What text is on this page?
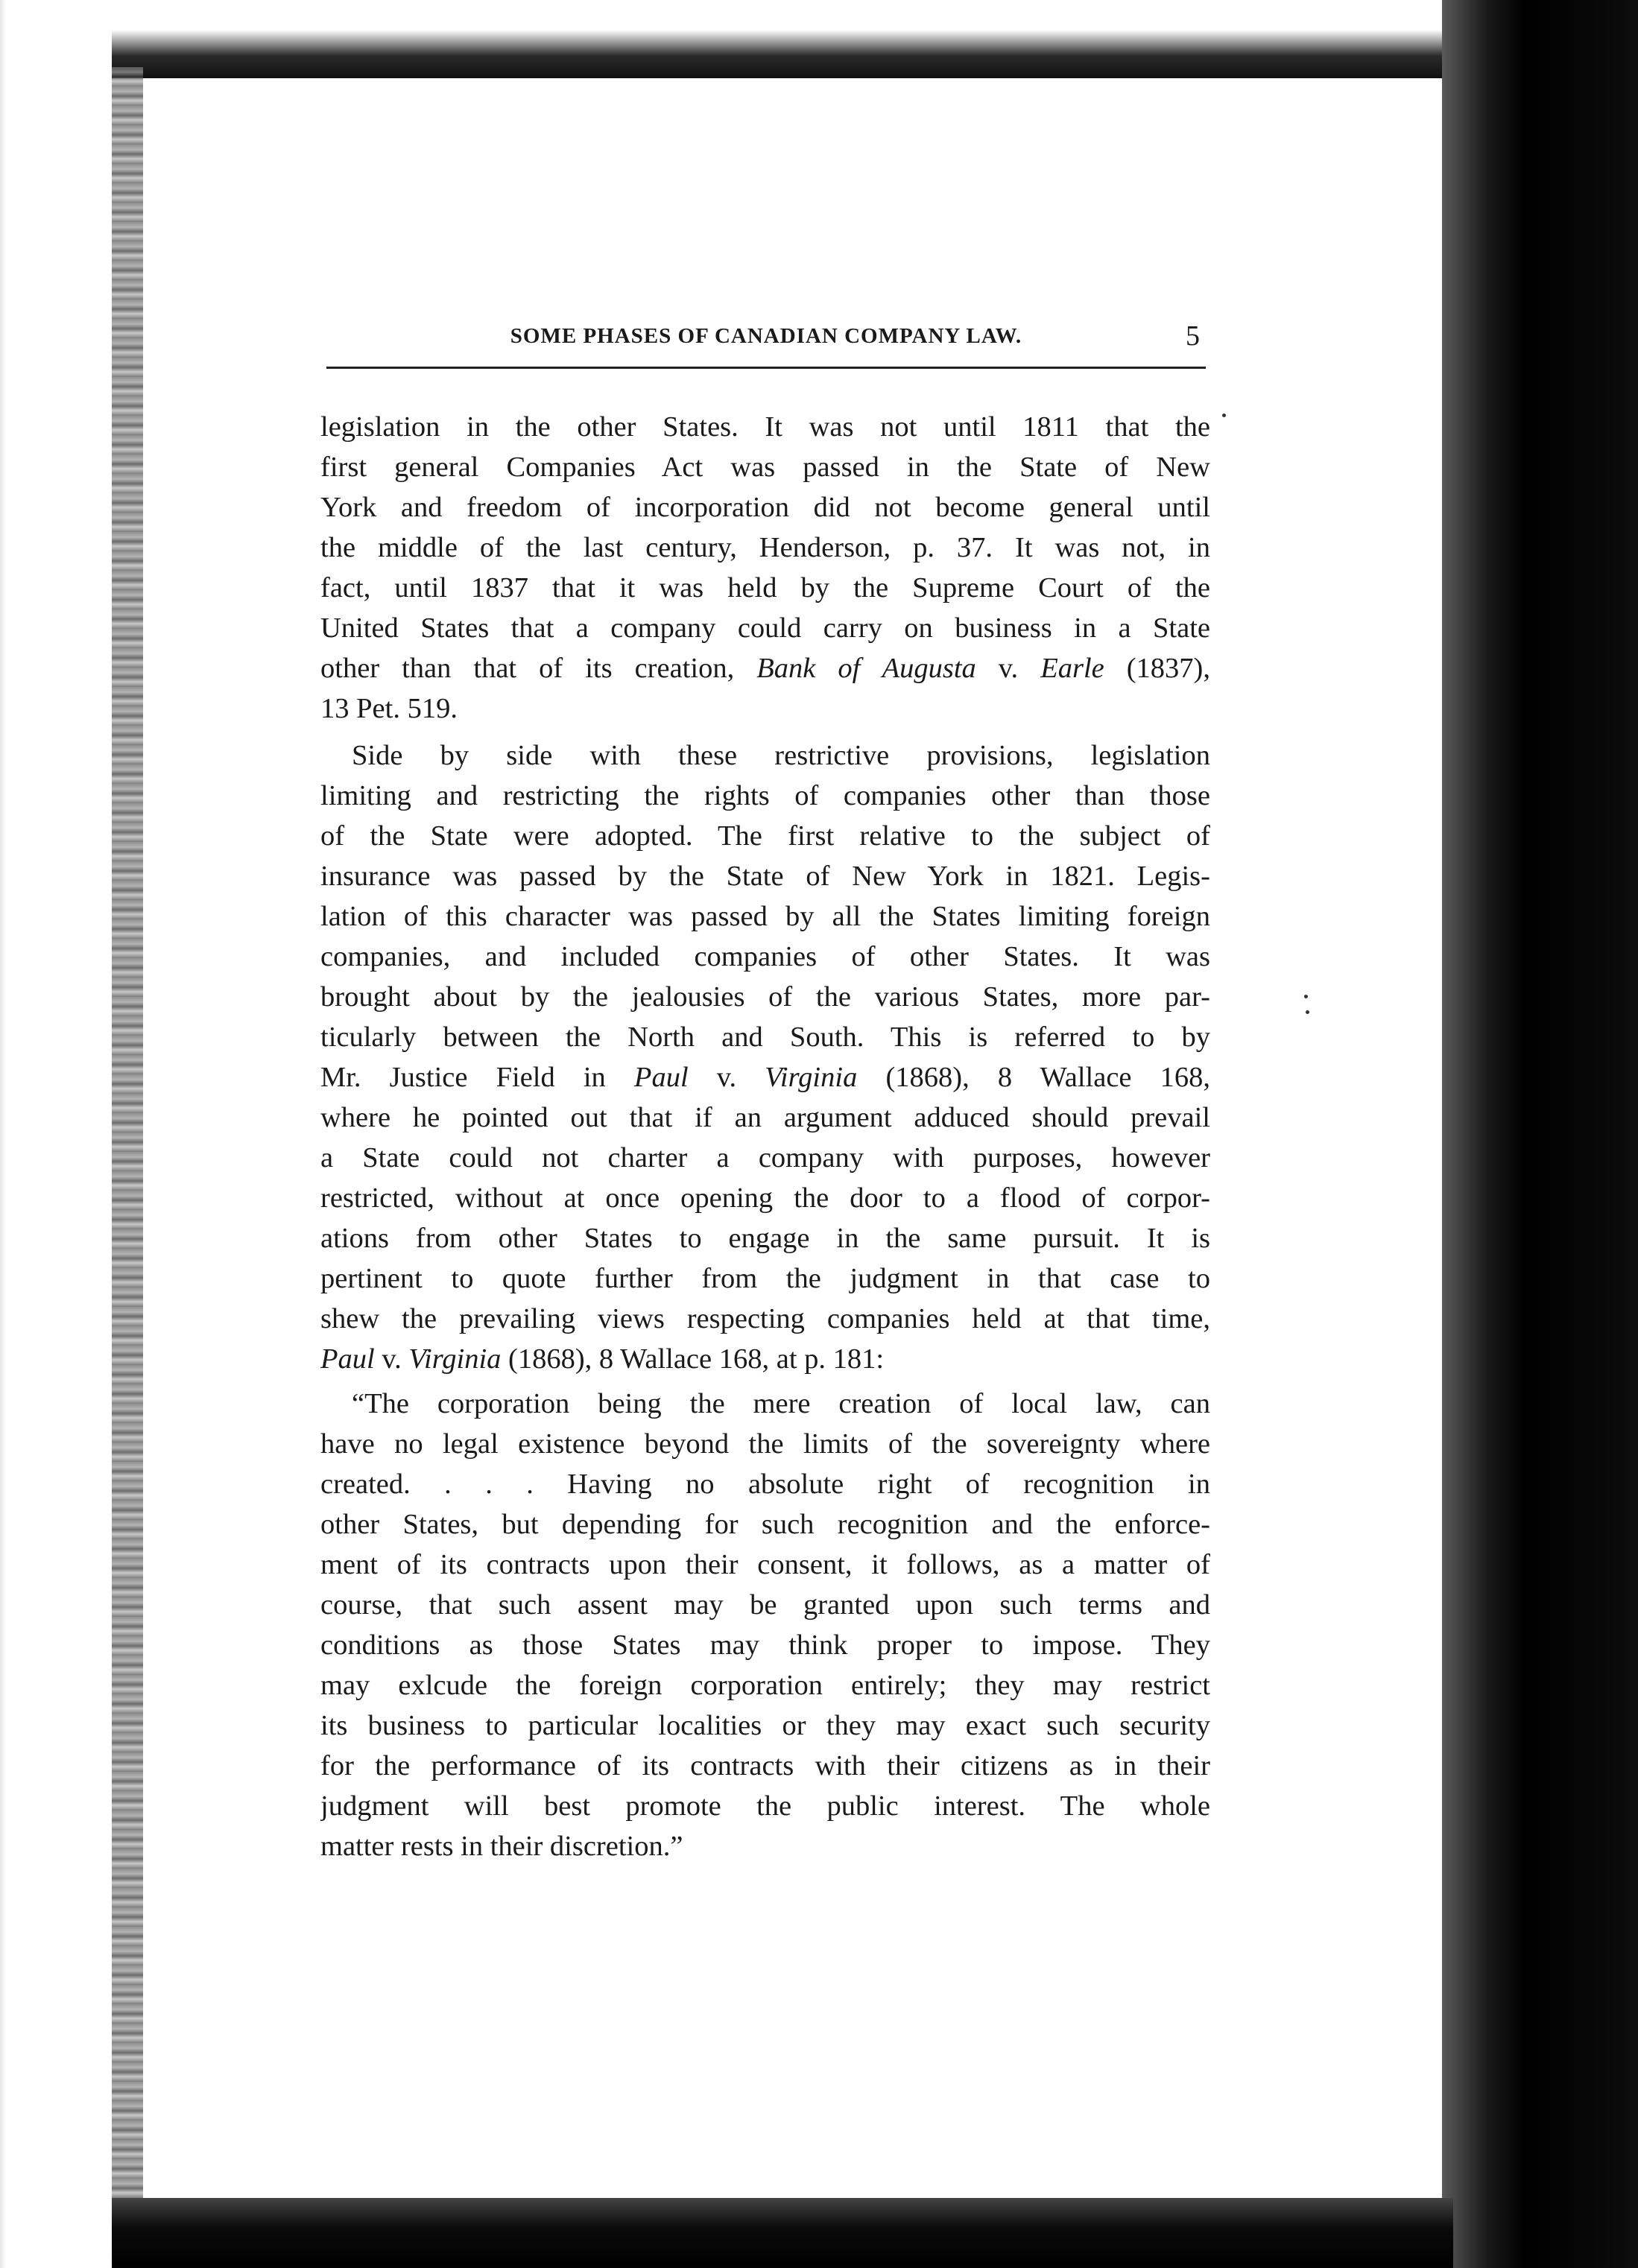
SOME PHASES OF CANADIAN COMPANY LAW.	5
legislation in the other States. It was not until 1811 that the
first general Companies Act was passed in the State of New
York and freedom of incorporation did not become general until
the middle of the last century, Henderson, p. 37. It was not, in
fact, until 1837 that it was held by the Supreme Court of the
United States that a company could carry on business in a State
other than that of its creation, Bank of Augusta v. Earle (1837),
13 Pet. 519.
Side by side with these restrictive provisions, legislation
limiting and restricting the rights of companies other than those
of the State were adopted. The first relative to the subject of
insurance was passed by the State of New York in 1821. Legis-
lation of this character was passed by all the States limiting foreign
companies, and included companies of other States. It was
brought about by the jealousies of the various States, more par-
ticularly between the North and South. This is referred to by
Mr. Justice Field in Paul v. Virginia (1868), 8 Wallace 168,
where he pointed out that if an argument adduced should prevail
a State could not charter a company with purposes, however
restricted, without at once opening the door to a flood of corpor-
ations from other States to engage in the same pursuit. It is
pertinent to quote further from the judgment in that case to
shew the prevailing views respecting companies held at that time,
Paul v. Virginia (1868), 8 Wallace 168, at p. 181:
“The corporation being the mere creation of local law, can
have no legal existence beyond the limits of the sovereignty where
created. . . . Having no absolute right of recognition in
other States, but depending for such recognition and the enforce-
ment of its contracts upon their consent, it follows, as a matter of
course, that such assent may be granted upon such terms and
conditions as those States may think proper to impose. They
may exlcude the foreign corporation entirely; they may restrict
its business to particular localities or they may exact such security
for the performance of its contracts with their citizens as in their
judgment will best promote the public interest. The whole
matter rests in their discretion.”
